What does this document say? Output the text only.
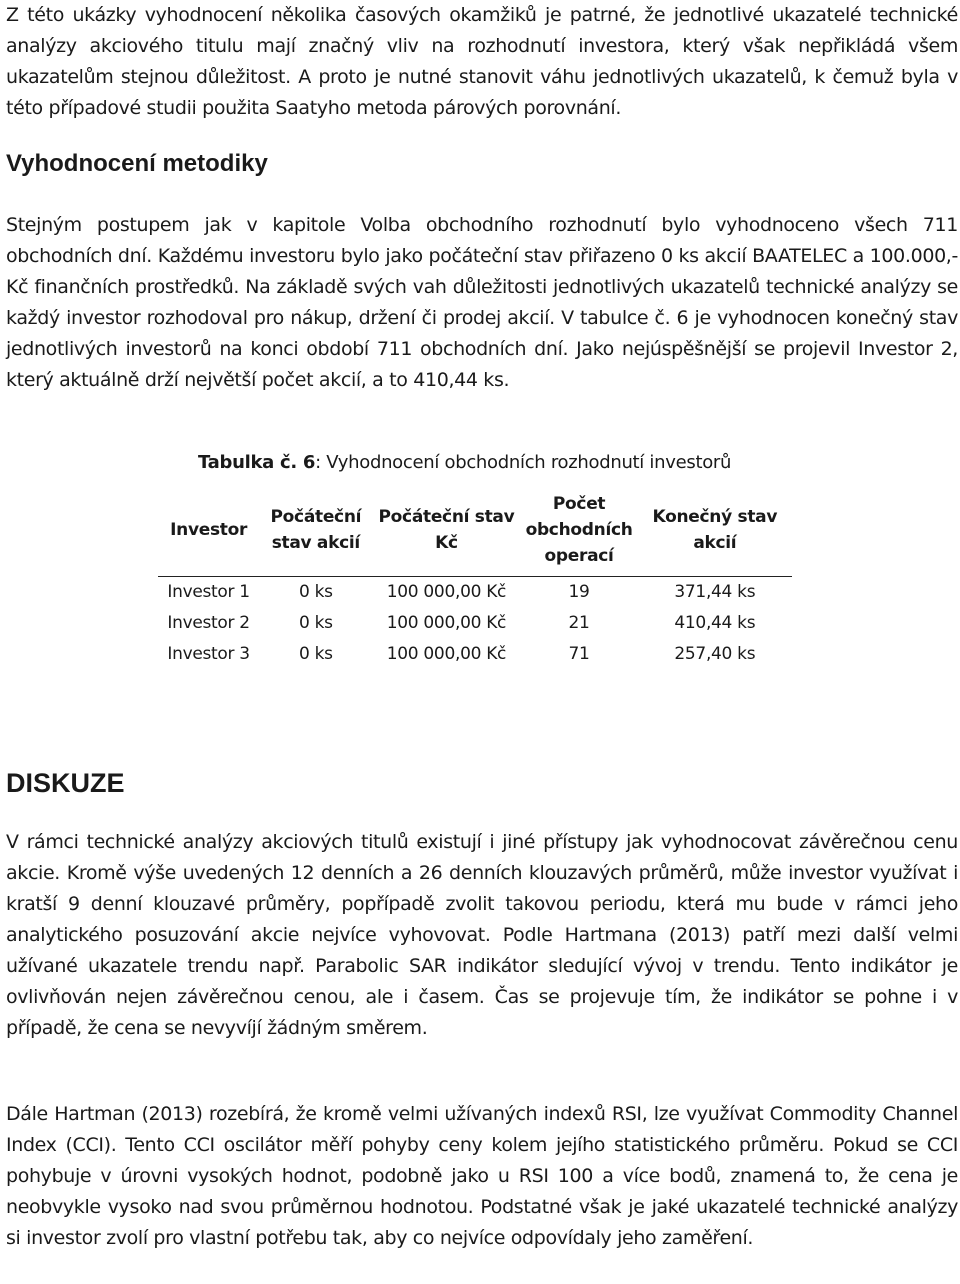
Z této ukázky vyhodnocení několika časových okamžiků je patrné, že jednotlivé ukazatelé technické analýzy akciového titulu mají značný vliv na rozhodnutí investora, který však nepřikládá všem ukazatelům stejnou důležitost. A proto je nutné stanovit váhu jednotlivých ukazatelů, k čemuž byla v této případové studii použita Saatyho metoda párových porovnání.

Vyhodnocení metodiky

Stejným postupem jak v kapitole Volba obchodního rozhodnutí bylo vyhodnoceno všech 711 obchodních dní. Každému investoru bylo jako počáteční stav přiřazeno 0 ks akcií BAATELEC a 100.000,- Kč finančních prostředků. Na základě svých vah důležitosti jednotlivých ukazatelů technické analýzy se každý investor rozhodoval pro nákup, držení či prodej akcií. V tabulce č. 6 je vyhodnocen konečný stav jednotlivých investorů na konci období 711 obchodních dní. Jako nejúspěšnější se projevil Investor 2, který aktuálně drží největší počet akcií, a to 410,44 ks.

Tabulka č. 6: Vyhodnocení obchodních rozhodnutí investorů

Investor	Počáteční stav akcií	Počáteční stav Kč	Počet obchodních operací	Konečný stav akcií
Investor 1	0 ks	100 000,00 Kč	19	371,44 ks
Investor 2	0 ks	100 000,00 Kč	21	410,44 ks
Investor 3	0 ks	100 000,00 Kč	71	257,40 ks
DISKUZE

V rámci technické analýzy akciových titulů existují i jiné přístupy jak vyhodnocovat závěrečnou cenu akcie. Kromě výše uvedených 12 denních a 26 denních klouzavých průměrů, může investor využívat i kratší 9 denní klouzavé průměry, popřípadě zvolit takovou periodu, která mu bude v rámci jeho analytického posuzování akcie nejvíce vyhovovat. Podle Hartmana (2013) patří mezi další velmi užívané ukazatele trendu např. Parabolic SAR indikátor sledující vývoj v trendu. Tento indikátor je ovlivňován nejen závěrečnou cenou, ale i časem. Čas se projevuje tím, že indikátor se pohne i v případě, že cena se nevyvíjí žádným směrem.

Dále Hartman (2013) rozebírá, že kromě velmi užívaných indexů RSI, lze využívat Commodity Channel Index (CCI). Tento CCI oscilátor měří pohyby ceny kolem jejího statistického průměru. Pokud se CCI pohybuje v úrovni vysokých hodnot, podobně jako u RSI 100 a více bodů, znamená to, že cena je neobvykle vysoko nad svou průměrnou hodnotou. Podstatné však je jaké ukazatelé technické analýzy si investor zvolí pro vlastní potřebu tak, aby co nejvíce odpovídaly jeho zaměření.
